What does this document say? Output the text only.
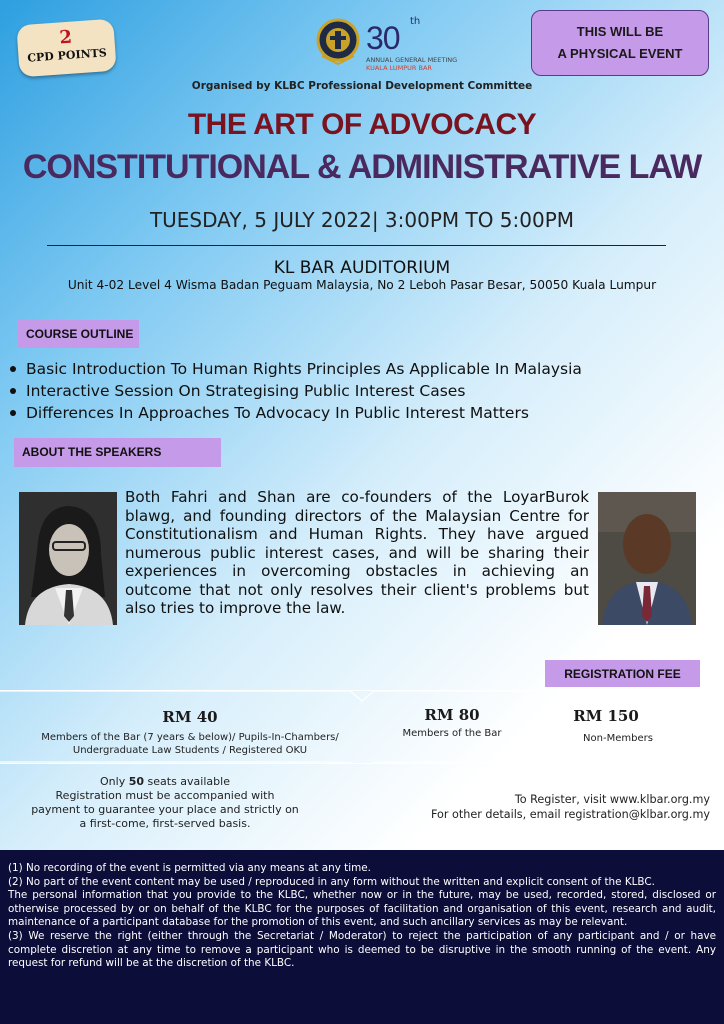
2
CPD POINTS	30 th
ANNUAL GENERAL MEETING
KUALA LUMPUR BAR
THIS WILL BE
A PHYSICAL EVENT
Organised by KLBC Professional Development Committee
THE ART OF ADVOCACY
CONSTITUTIONAL & ADMINISTRATIVE LAW
TUESDAY, 5 JULY 2022| 3:00PM TO 5:00PM
KL BAR AUDITORIUM
Unit 4-02 Level 4 Wisma Badan Peguam Malaysia, No 2 Leboh Pasar Besar, 50050 Kuala Lumpur
COURSE OUTLINE
Basic Introduction To Human Rights Principles As Applicable In Malaysia
Interactive Session On Strategising Public Interest Cases
Differences In Approaches To Advocacy In Public Interest Matters
ABOUT THE SPEAKERS
Both Fahri and Shan are co-founders of the LoyarBurok blawg, and founding directors of the Malaysian Centre for Constitutionalism and Human Rights. They have argued numerous public interest cases, and will be sharing their experiences in overcoming obstacles in achieving an outcome that not only resolves their client's problems but also tries to improve the law.
REGISTRATION FEE
RM 40
Members of the Bar (7 years & below)/ Pupils-In-Chambers/
Undergraduate Law Students / Registered OKU
RM 80
Members of the Bar
RM 150
Non-Members
Only 50 seats available
Registration must be accompanied with
payment to guarantee your place and strictly on
a first-come, first-served basis.
To Register, visit www.klbar.org.my
For other details, email registration@klbar.org.my

(1) No recording of the event is permitted via any means at any time.

(2) No part of the event content may be used / reproduced in any form without the written and explicit consent of the KLBC.

The personal information that you provide to the KLBC, whether now or in the future, may be used, recorded, stored, disclosed or otherwise processed by or on behalf of the KLBC for the purposes of facilitation and organisation of this event, research and audit, maintenance of a participant database for the promotion of this event, and such ancillary services as may be relevant.

(3) We reserve the right (either through the Secretariat / Moderator) to reject the participation of any participant and / or have complete discretion at any time to remove a participant who is deemed to be disruptive in the smooth running of the event. Any request for refund will be at the discretion of the KLBC.
